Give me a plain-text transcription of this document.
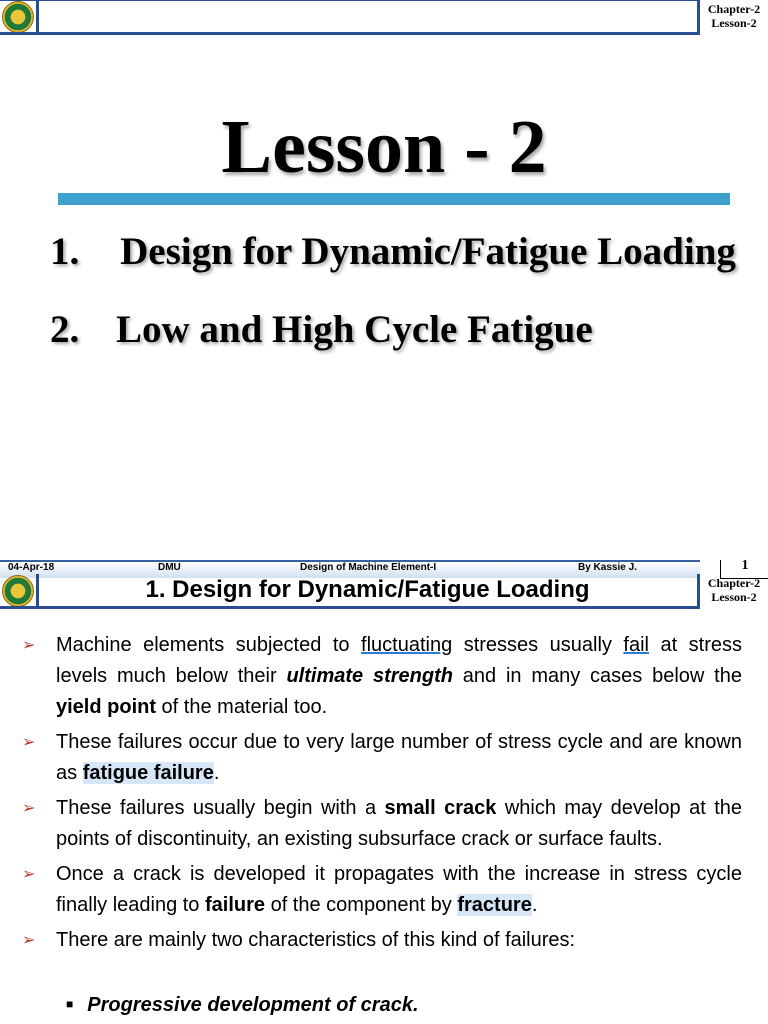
Chapter-2
Lesson-2
Lesson - 2
1.	Design for Dynamic/Fatigue Loading
2. Low and High Cycle Fatigue
04-Apr-18	DMU	Design of Machine Element-I	By Kassie J.	1
1. Design for Dynamic/Fatigue Loading	Chapter-2
Lesson-2
➢ Machine elements subjected to fluctuating stresses usually fail at stress levels much below their ultimate strength and in many cases below the yield point of the material too.
➢ These failures occur due to very large number of stress cycle and are known as fatigue failure.
➢ These failures usually begin with a small crack which may develop at the points of discontinuity, an existing subsurface crack or surface faults.
➢ Once a crack is developed it propagates with the increase in stress cycle finally leading to failure of the component by fracture.
➢ There are mainly two characteristics of this kind of failures:
■ Progressive development of crack.
